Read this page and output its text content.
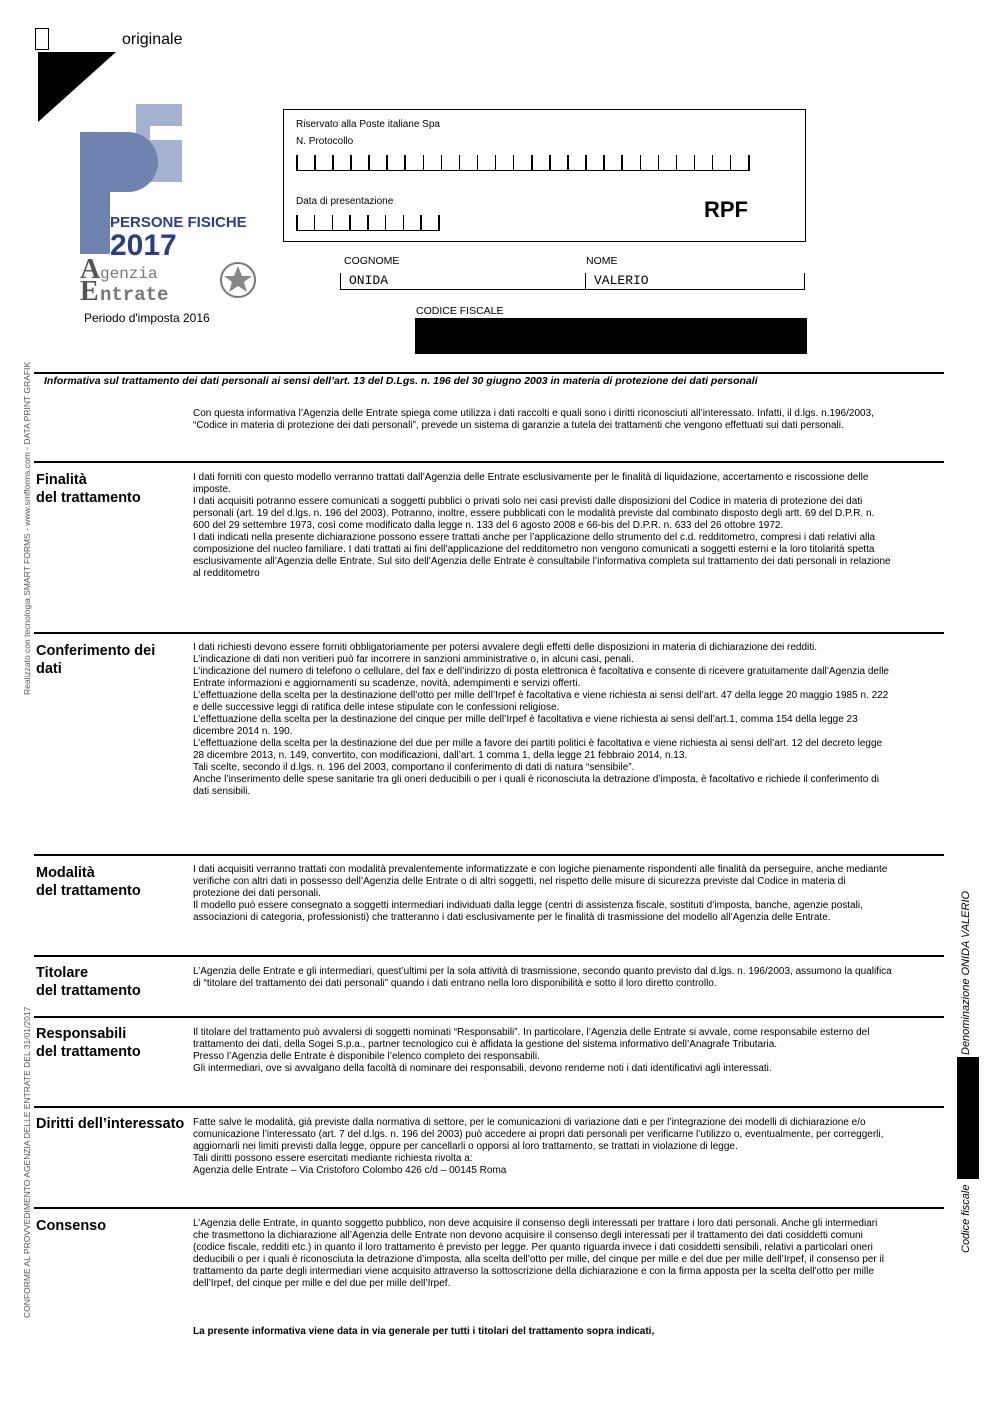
originale
PERSONE FISICHE
2017
A genzia
E ntrate
Periodo d'imposta 2016
Riservato alla Poste italiane Spa
N. Protocollo
Data di presentazione	RPF
COGNOME
ONIDA
NOME
VALERIO
CODICE FISCALE
Informativa sul trattamento dei dati personali ai sensi dell’art. 13 del D.Lgs. n. 196 del 30 giugno 2003 in materia di protezione dei dati personali
Con questa informativa l’Agenzia delle Entrate spiega come utilizza i dati raccolti e quali sono i diritti riconosciuti all’interessato. Infatti, il d.lgs. n.196/2003, “Codice in materia di protezione dei dati personali”, prevede un sistema di garanzie a tutela dei trattamenti che vengono effettuati sui dati personali.
Finalità
del trattamento

I dati forniti con questo modello verranno trattati dall’Agenzia delle Entrate esclusivamente per le finalità di liquidazione, accertamento e riscossione delle imposte.

I dati acquisiti potranno essere comunicati a soggetti pubblici o privati solo nei casi previsti dalle disposizioni del Codice in materia di protezione dei dati personali (art. 19 del d.lgs. n. 196 del 2003). Potranno, inoltre, essere pubblicati con le modalità previste dal combinato disposto degli artt. 69 del D.P.R. n. 600 del 29 settembre 1973, così come modificato dalla legge n. 133 del 6 agosto 2008 e 66-bis del D.P.R. n. 633 del 26 ottobre 1972.

I dati indicati nella presente dichiarazione possono essere trattati anche per l’applicazione dello strumento del c.d. redditometro, compresi i dati relativi alla composizione del nucleo familiare. I dati trattati ai fini dell’applicazione del redditometro non vengono comunicati a soggetti esterni e la loro titolarità spetta esclusivamente all’Agenzia delle Entrate. Sul sito dell’Agenzia delle Entrate è consultabile l’informativa completa sul trattamento dei dati personali in relazione al redditometro

Conferimento dei
dati

I dati richiesti devono essere forniti obbligatoriamente per potersi avvalere degli effetti delle disposizioni in materia di dichiarazione dei redditi.

L’indicazione di dati non veritieri può far incorrere in sanzioni amministrative o, in alcuni casi, penali.

L’indicazione del numero di telefono o cellulare, del fax e dell’indirizzo di posta elettronica è facoltativa e consente di ricevere gratuitamente dall’Agenzia delle Entrate informazioni e aggiornamenti su scadenze, novità, adempimenti e servizi offerti.

L’effettuazione della scelta per la destinazione dell’otto per mille dell’Irpef è facoltativa e viene richiesta ai sensi dell’art. 47 della legge 20 maggio 1985 n. 222 e delle successive leggi di ratifica delle intese stipulate con le confessioni religiose.

L’effettuazione della scelta per la destinazione del cinque per mille dell’Irpef è facoltativa e viene richiesta ai sensi dell’art.1, comma 154 della legge 23 dicembre 2014 n. 190.

L’effettuazione della scelta per la destinazione del due per mille a favore dei partiti politici è facoltativa e viene richiesta ai sensi dell’art. 12 del decreto legge 28 dicembre 2013, n. 149, convertito, con modificazioni, dall’art. 1 comma 1, della legge 21 febbraio 2014, n.13.

Tali scelte, secondo il d.lgs. n. 196 del 2003, comportano il conferimento di dati di natura “sensibile”.

Anche l’inserimento delle spese sanitarie tra gli oneri deducibili o per i quali è riconosciuta la detrazione d’imposta, è facoltativo e richiede il conferimento di dati sensibili.

Modalità
del trattamento

I dati acquisiti verranno trattati con modalità prevalentemente informatizzate e con logiche pienamente rispondenti alle finalità da perseguire, anche mediante verifiche con altri dati in possesso dell’Agenzia delle Entrate o di altri soggetti, nel rispetto delle misure di sicurezza previste dal Codice in materia di protezione dei dati personali.

Il modello può essere consegnato a soggetti intermediari individuati dalla legge (centri di assistenza fiscale, sostituti d’imposta, banche, agenzie postali, associazioni di categoria, professionisti) che tratteranno i dati esclusivamente per le finalità di trasmissione del modello all’Agenzia delle Entrate.

Titolare
del trattamento

L’Agenzia delle Entrate e gli intermediari, quest’ultimi per la sola attività di trasmissione, secondo quanto previsto dal d.lgs. n. 196/2003, assumono la qualifica di “titolare del trattamento dei dati personali” quando i dati entrano nella loro disponibilità e sotto il loro diretto controllo.

Responsabili
del trattamento

Il titolare del trattamento può avvalersi di soggetti nominati “Responsabili”. In particolare, l’Agenzia delle Entrate si avvale, come responsabile esterno del trattamento dei dati, della Sogei S.p.a., partner tecnologico cui è affidata la gestione del sistema informativo dell’Anagrafe Tributaria.

Presso l’Agenzia delle Entrate è disponibile l’elenco completo dei responsabili.

Gli intermediari, ove si avvalgano della facoltà di nominare dei responsabili, devono renderne noti i dati identificativi agli interessati.

Diritti dell’interessato Fatte salve le modalità, già previste dalla normativa di settore, per le comunicazioni di variazione dati e per l’integrazione dei modelli di dichiarazione e/o comunicazione l’interessato (art. 7 del d.lgs. n. 196 del 2003) può accedere ai propri dati personali per verificarne l’utilizzo o, eventualmente, per correggerli, aggiornarli nei limiti previsti dalla legge, oppure per cancellarli o opporsi al loro trattamento, se trattati in violazione di legge.

Tali diritti possono essere esercitati mediante richiesta rivolta a:

Agenzia delle Entrate – Via Cristoforo Colombo 426 c/d – 00145 Roma

Consenso	L’Agenzia delle Entrate, in quanto soggetto pubblico, non deve acquisire il consenso degli interessati per trattare i loro dati personali. Anche gli intermediari che trasmettono la dichiarazione all’Agenzia delle Entrate non devono acquisire il consenso degli interessati per il trattamento dei dati cosiddetti comuni (codice fiscale, redditi etc.) in quanto il loro trattamento è previsto per legge. Per quanto riguarda invece i dati cosiddetti sensibili, relativi a particolari oneri deducibili o per i quali è riconosciuta la detrazione d’imposta, alla scelta dell’otto per mille, del cinque per mille e del due per mille dell’Irpef, il consenso per il trattamento da parte degli intermediari viene acquisito attraverso la sottoscrizione della dichiarazione e con la firma apposta per la scelta dell’otto per mille dell’Irpef, del cinque per mille e del due per mille dell’Irpef.

La presente informativa viene data in via generale per tutti i titolari del trattamento sopra indicati,
Realizzato con tecnologia SMART FORMS - www.smfforms.com - DATA PRINT GRAFIK
CONFORME AL PROVVEDIMENTO AGENZIA DELLE ENTRATE DEL 31/01/2017
Denominazione ONIDA VALERIO
Codice fiscale
